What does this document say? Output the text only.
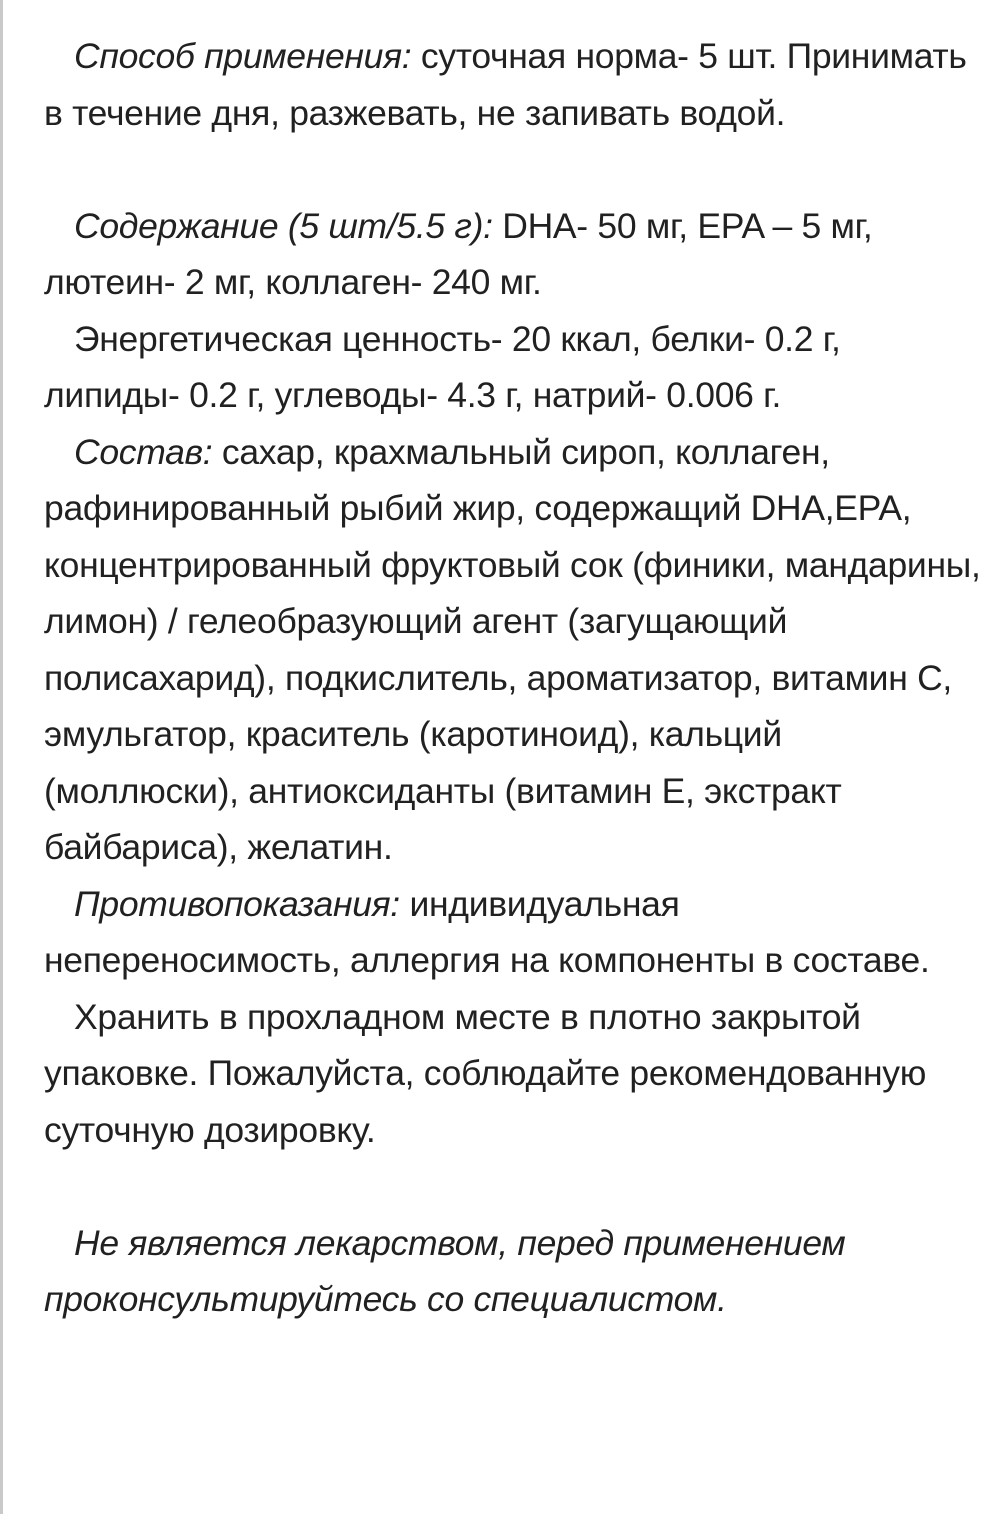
Способ применения: суточная норма- 5 шт. Принимать в течение дня, разжевать, не запивать водой.

Содержание (5 шт/5.5 г): DHA- 50 мг, EPA – 5 мг, лютеин- 2 мг, коллаген- 240 мг.

Энергетическая ценность- 20 ккал, белки- 0.2 г, липиды- 0.2 г, углеводы- 4.3 г, натрий- 0.006 г.

Состав: сахар, крахмальный сироп, коллаген, рафинированный рыбий жир, содержащий DHA,EPA, концентрированный фруктовый сок (финики, мандарины, лимон) / гелеобразующий агент (загущающий полисахарид), подкислитель, ароматизатор, витамин С, эмульгатор, краситель (каротиноид), кальций (моллюски), антиоксиданты (витамин Е, экстракт байбариса), желатин.

Противопоказания: индивидуальная непереносимость, аллергия на компоненты в составе.

Хранить в прохладном месте в плотно закрытой упаковке. Пожалуйста, соблюдайте рекомендованную суточную дозировку.

Не является лекарством, перед применением проконсультируйтесь со специалистом.
